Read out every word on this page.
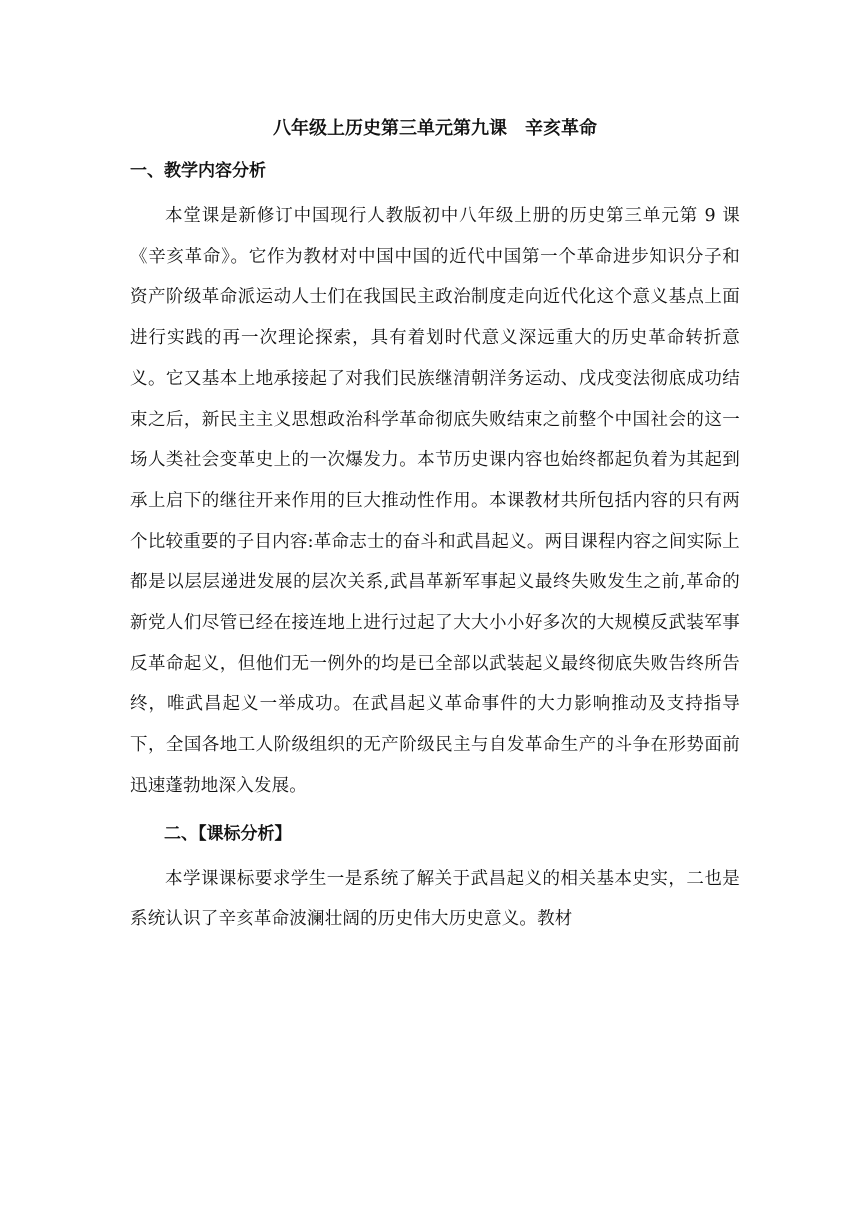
八年级上历史第三单元第九课　辛亥革命
一、教学内容分析

本堂课是新修订中国现行人教版初中八年级上册的历史第三单元第 9 课《辛亥革命》。它作为教材对中国中国的近代中国第一个革命进步知识分子和资产阶级革命派运动人士们在我国民主政治制度走向近代化这个意义基点上面进行实践的再一次理论探索，具有着划时代意义深远重大的历史革命转折意义。它又基本上地承接起了对我们民族继清朝洋务运动、戊戌变法彻底成功结束之后，新民主主义思想政治科学革命彻底失败结束之前整个中国社会的这一场人类社会变革史上的一次爆发力。本节历史课内容也始终都起负着为其起到承上启下的继往开来作用的巨大推动性作用。本课教材共所包括内容的只有两个比较重要的子目内容:革命志士的奋斗和武昌起义。两目课程内容之间实际上都是以层层递进发展的层次关系,武昌革新军事起义最终失败发生之前,革命的新党人们尽管已经在接连地上进行过起了大大小小好多次的大规模反武装军事反革命起义，但他们无一例外的均是已全部以武装起义最终彻底失败告终所告终，唯武昌起义一举成功。在武昌起义革命事件的大力影响推动及支持指导下，全国各地工人阶级组织的无产阶级民主与自发革命生产的斗争在形势面前迅速蓬勃地深入发展。

二、【课标分析】

本学课课标要求学生一是系统了解关于武昌起义的相关基本史实，二也是系统认识了辛亥革命波澜壮阔的历史伟大历史意义。教材
